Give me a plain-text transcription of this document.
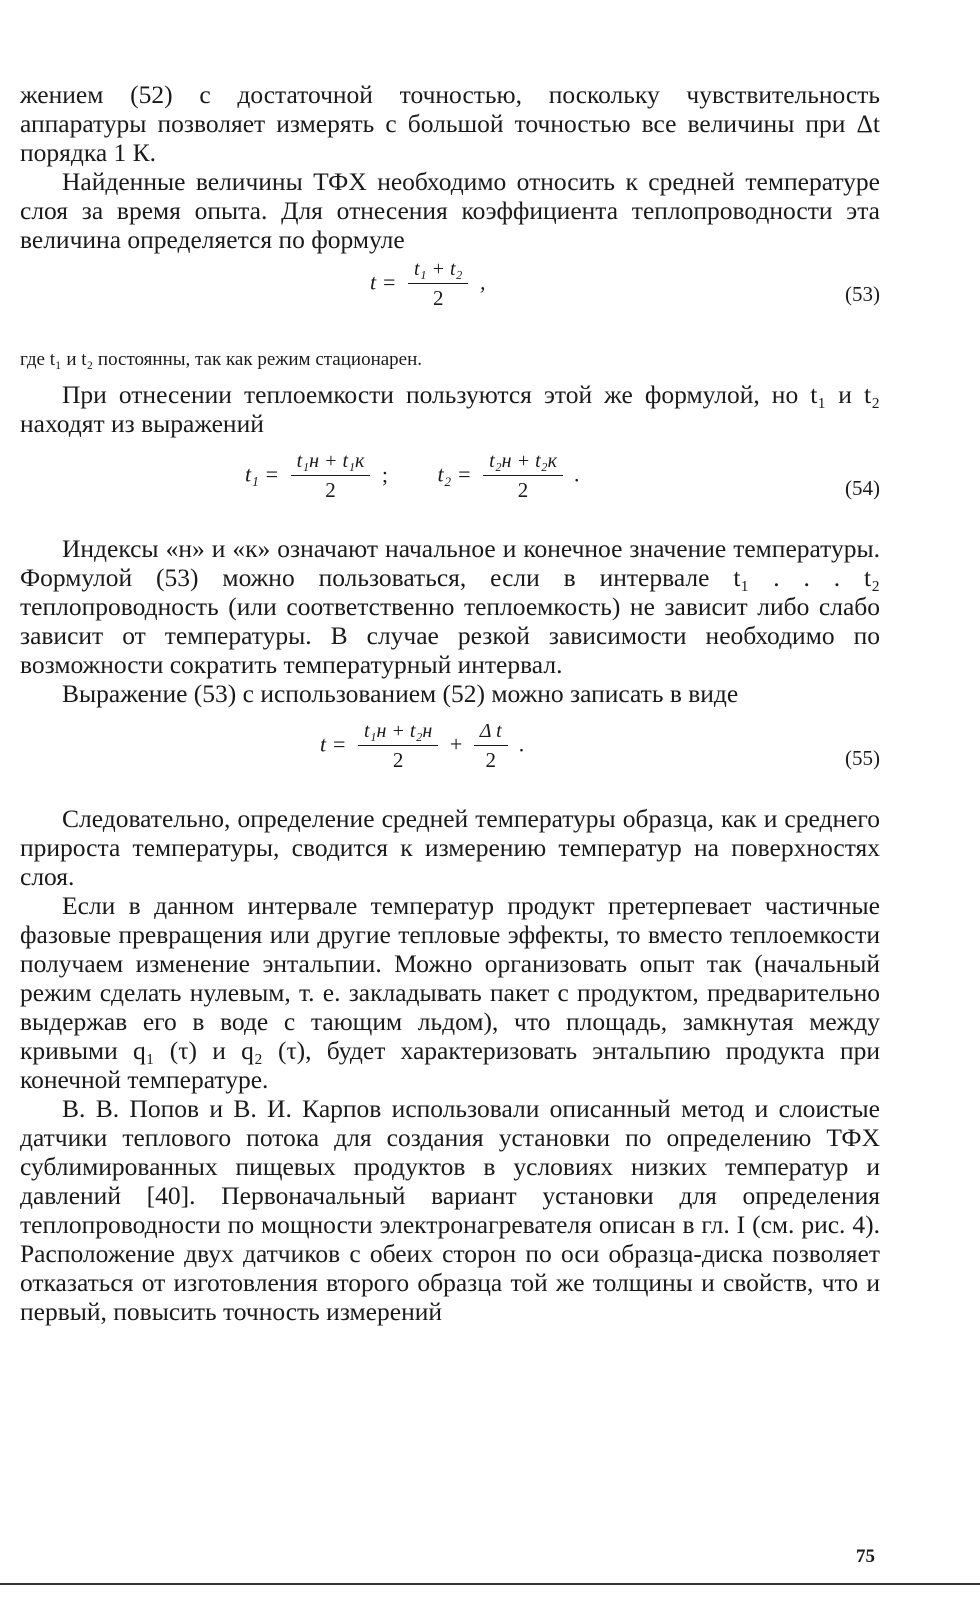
жением (52) с достаточной точностью, поскольку чувствительность аппаратуры позволяет измерять с большой точностью все величины при Δt порядка 1 К.

Найденные величины ТФХ необходимо относить к средней температуре слоя за время опыта. Для отнесения коэффициента теплопроводности эта величина определяется по формуле

$t = \frac{\text{t₁ + t₂}}{2}$ ,	(53)

где t₁ и t₂ постоянны, так как режим стационарен.

При отнесении теплоемкости пользуются этой же формулой, но t₁ и t₂ находят из выражений

$t_1 = \frac{\text{t₁н + t₁к}}{2}$ ; $t_2 = \frac{\text{t₂н + t₂к}}{2}$ .
(54)

Индексы «н» и «к» означают начальное и конечное значение температуры. Формулой (53) можно пользоваться, если в интервале t₁ . . . t₂ теплопроводность (или соответственно теплоемкость) не зависит либо слабо зависит от температуры. В случае резкой зависимости необходимо по возможности сократить температурный интервал.

Выражение (53) с использованием (52) можно записать в виде

$t = \frac{\text{t₁н + t₂н}}{2} + \frac{\text{Δ t}}{2}$ .
(55)

Следовательно, определение средней температуры образца, как и среднего прироста температуры, сводится к измерению температур на поверхностях слоя.

Если в данном интервале температур продукт претерпевает частичные фазовые превращения или другие тепловые эффекты, то вместо теплоемкости получаем изменение энтальпии. Можно организовать опыт так (начальный режим сделать нулевым, т. е. закладывать пакет с продуктом, предварительно выдержав его в воде с тающим льдом), что площадь, замкнутая между кривыми q₁ (τ) и q₂ (τ), будет характеризовать энтальпию продукта при конечной температуре.

В. В. Попов и В. И. Карпов использовали описанный метод и слоистые датчики теплового потока для создания установки по определению ТФХ сублимированных пищевых продуктов в условиях низких температур и давлений [40]. Первоначальный вариант установки для определения теплопроводности по мощности электронагревателя описан в гл. I (см. рис. 4). Расположение двух датчиков с обеих сторон по оси образца-диска позволяет отказаться от изготовления второго образца той же толщины и свойств, что и первый, повысить точность измерений

75
